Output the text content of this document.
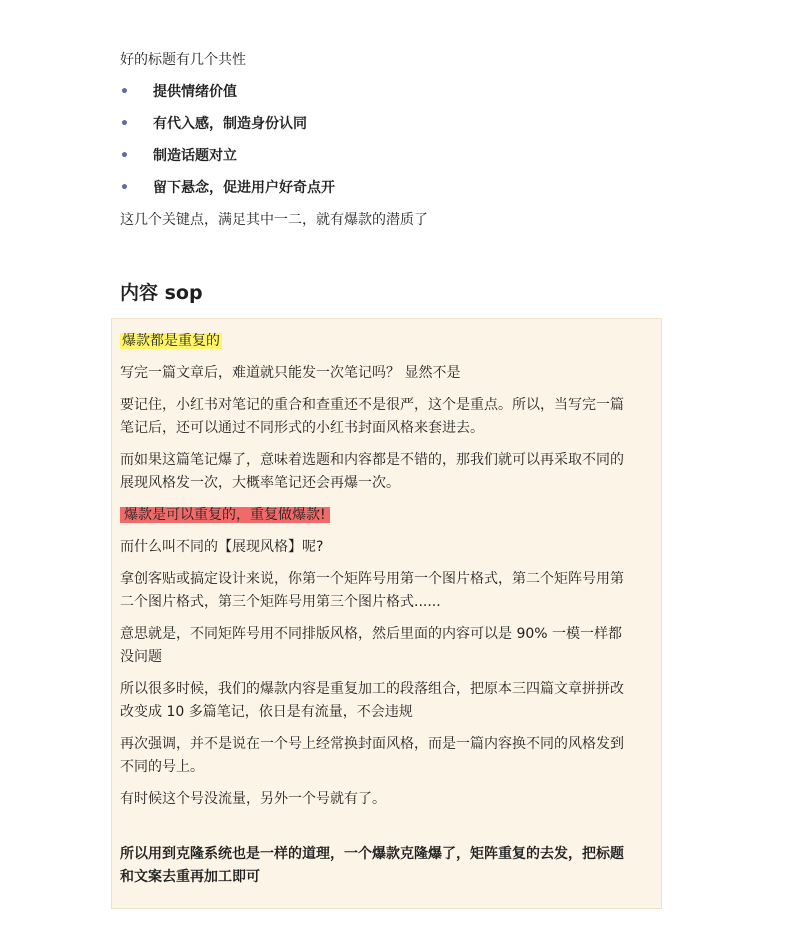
好的标题有几个共性
• 提供情绪价值
• 有代入感，制造身份认同
• 制造话题对立
• 留下悬念，促进用户好奇点开
这几个关键点，满足其中一二，就有爆款的潜质了
内容 sop

爆款都是重复的

写完一篇文章后，难道就只能发一次笔记吗？ 显然不是

要记住，小红书对笔记的重合和查重还不是很严，这个是重点。所以，当写完一篇
笔记后，还可以通过不同形式的小红书封面风格来套进去。

而如果这篇笔记爆了，意味着选题和内容都是不错的，那我们就可以再采取不同的
展现风格发一次，大概率笔记还会再爆一次。

爆款是可以重复的，重复做爆款!

而什么叫不同的【展现风格】呢?

拿创客贴或搞定设计来说，你第一个矩阵号用第一个图片格式，第二个矩阵号用第
二个图片格式，第三个矩阵号用第三个图片格式......

意思就是，不同矩阵号用不同排版风格，然后里面的内容可以是 90% 一模一样都
没问题

所以很多时候，我们的爆款内容是重复加工的段落组合，把原本三四篇文章拼拼改
改变成 10 多篇笔记，依日是有流量，不会违规

再次强调，并不是说在一个号上经常换封面风格，而是一篇内容换不同的风格发到
不同的号上。

有时候这个号没流量，另外一个号就有了。

所以用到克隆系统也是一样的道理，一个爆款克隆爆了，矩阵重复的去发，把标题
和文案去重再加工即可
